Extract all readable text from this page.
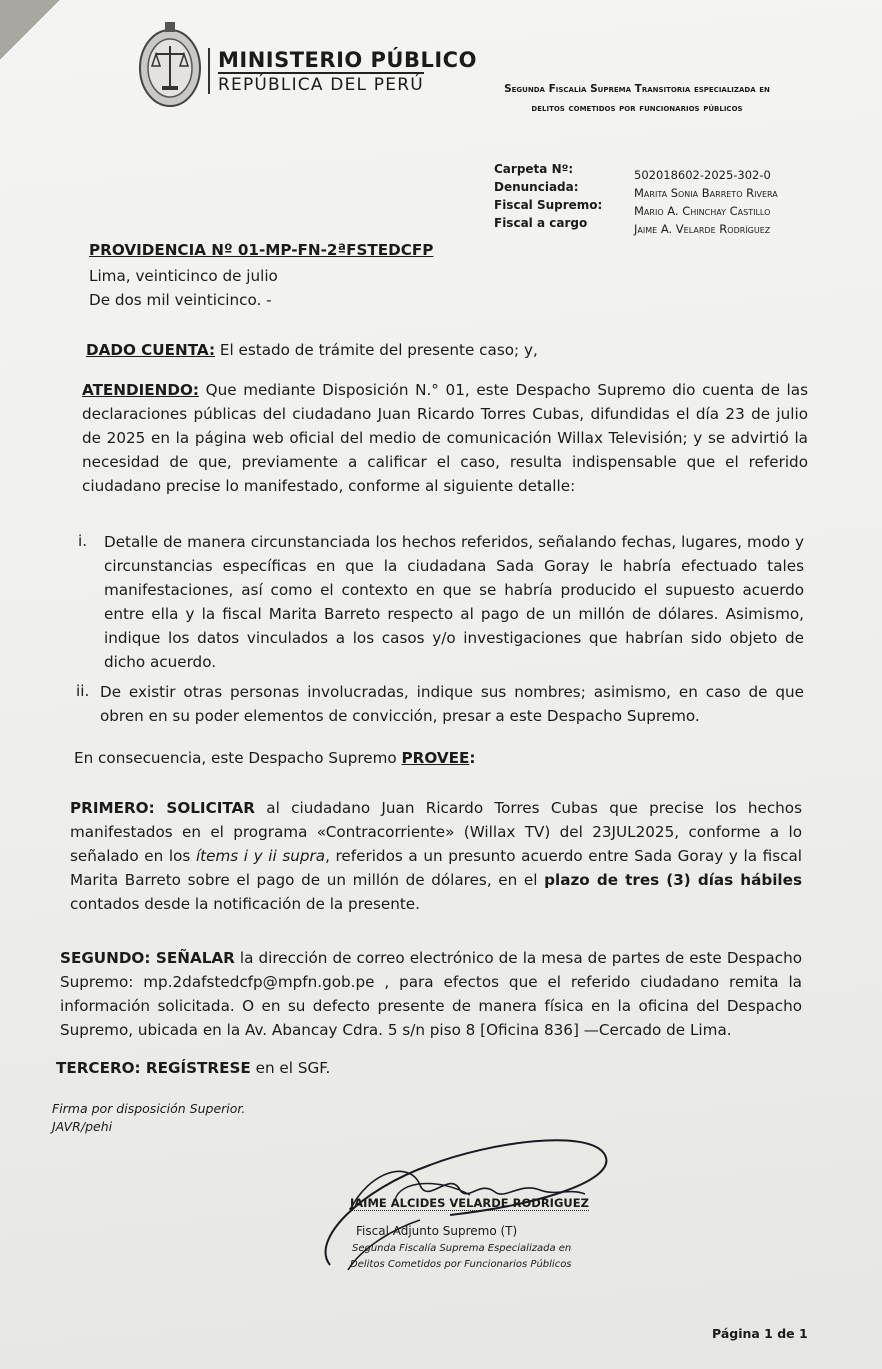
MINISTERIO PÚBLICO
REPÚBLICA DEL PERÚ	Segunda Fiscalía Suprema Transitoria especializada en
delitos cometidos por funcionarios públicos
Carpeta Nº:	502018602-2025-302-0
Denunciada:	Marita Sonia Barreto Rivera
Fiscal Supremo:	Mario A. Chinchay Castillo
Fiscal a cargo	Jaime A. Velarde Rodríguez
PROVIDENCIA Nº 01-MP-FN-2ªFSTEDCFP
Lima, veinticinco de julio
De dos mil veinticinco. -
DADO CUENTA: El estado de trámite del presente caso; y,
ATENDIENDO: Que mediante Disposición N.° 01, este Despacho Supremo dio cuenta de las declaraciones públicas del ciudadano Juan Ricardo Torres Cubas, difundidas el día 23 de julio de 2025 en la página web oficial del medio de comunicación Willax Televisión; y se advirtió la necesidad de que, previamente a calificar el caso, resulta indispensable que el referido ciudadano precise lo manifestado, conforme al siguiente detalle:
i. Detalle de manera circunstanciada los hechos referidos, señalando fechas, lugares, modo y circunstancias específicas en que la ciudadana Sada Goray le habría efectuado tales manifestaciones, así como el contexto en que se habría producido el supuesto acuerdo entre ella y la fiscal Marita Barreto respecto al pago de un millón de dólares. Asimismo, indique los datos vinculados a los casos y/o investigaciones que habrían sido objeto de dicho acuerdo.
ii. De existir otras personas involucradas, indique sus nombres; asimismo, en caso de que obren en su poder elementos de convicción, presar a este Despacho Supremo.
En consecuencia, este Despacho Supremo PROVEE:
PRIMERO: SOLICITAR al ciudadano Juan Ricardo Torres Cubas que precise los hechos manifestados en el programa «Contracorriente» (Willax TV) del 23JUL2025, conforme a lo señalado en los ítems i y ii supra, referidos a un presunto acuerdo entre Sada Goray y la fiscal Marita Barreto sobre el pago de un millón de dólares, en el plazo de tres (3) días hábiles contados desde la notificación de la presente.
SEGUNDO: SEÑALAR la dirección de correo electrónico de la mesa de partes de este Despacho Supremo: mp.2dafstedcfp@mpfn.gob.pe , para efectos que el referido ciudadano remita la información solicitada. O en su defecto presente de manera física en la oficina del Despacho Supremo, ubicada en la Av. Abancay Cdra. 5 s/n piso 8 [Oficina 836] —Cercado de Lima.
TERCERO: REGÍSTRESE en el SGF.
Firma por disposición Superior.
JAVR/pehi
JAIME ALCIDES VELARDE RODRIGUEZ
Fiscal Adjunto Supremo (T)
Segunda Fiscalía Suprema Especializada en
Delitos Cometidos por Funcionarios Públicos
Página 1 de 1
